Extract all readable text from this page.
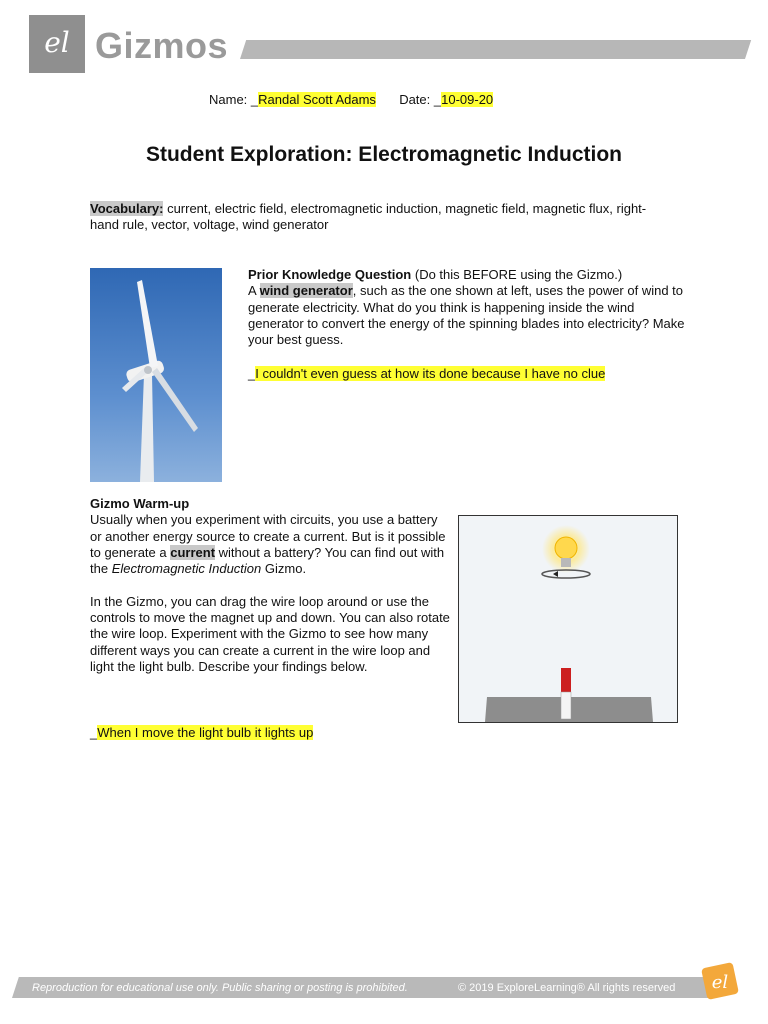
el Gizmos
Name: _Randal Scott Adams Date: _10-09-20
Student Exploration: Electromagnetic Induction
Vocabulary: current, electric field, electromagnetic induction, magnetic field, magnetic flux, right-hand rule, vector, voltage, wind generator
Prior Knowledge Question (Do this BEFORE using the Gizmo.)
A wind generator, such as the one shown at left, uses the power of wind to generate electricity. What do you think is happening inside the wind generator to convert the energy of the spinning blades into electricity? Make your best guess.
_I couldn't even guess at how its done because I have no clue
Gizmo Warm-up
Usually when you experiment with circuits, you use a battery or another energy source to create a current. But is it possible to generate a current without a battery? You can find out with the Electromagnetic Induction Gizmo.
In the Gizmo, you can drag the wire loop around or use the controls to move the magnet up and down. You can also rotate the wire loop. Experiment with the Gizmo to see how many different ways you can create a current in the wire loop and light the light bulb. Describe your findings below.
_When I move the light bulb it lights up
Reproduction for educational use only. Public sharing or posting is prohibited.	© 2019 ExploreLearning® All rights reserved el
